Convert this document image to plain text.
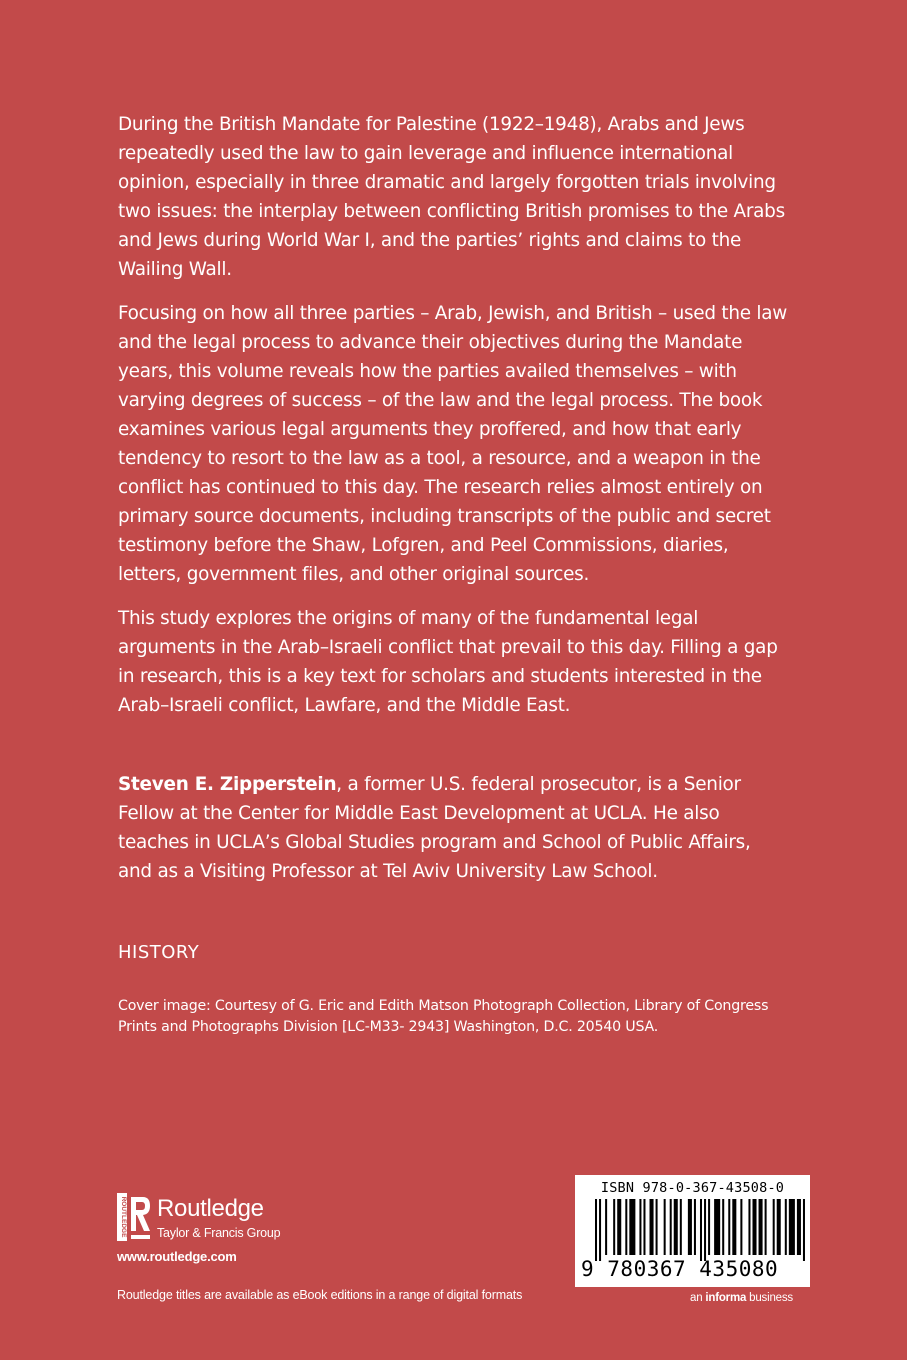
During the British Mandate for Palestine (1922–1948), Arabs and Jews repeatedly used the law to gain leverage and influence international opinion, especially in three dramatic and largely forgotten trials involving two issues: the interplay between conflicting British promises to the Arabs and Jews during World War I, and the parties’ rights and claims to the Wailing Wall.

Focusing on how all three parties – Arab, Jewish, and British – used the law and the legal process to advance their objectives during the Mandate years, this volume reveals how the parties availed themselves – with varying degrees of success – of the law and the legal process. The book examines various legal arguments they proffered, and how that early tendency to resort to the law as a tool, a resource, and a weapon in the conflict has continued to this day. The research relies almost entirely on primary source documents, including transcripts of the public and secret testimony before the Shaw, Lofgren, and Peel Commissions, diaries, letters, government files, and other original sources.

This study explores the origins of many of the fundamental legal arguments in the Arab–Israeli conflict that prevail to this day. Filling a gap in research, this is a key text for scholars and students interested in the Arab–Israeli conflict, Lawfare, and the Middle East.

Steven E. Zipperstein, a former U.S. federal prosecutor, is a Senior Fellow at the Center for Middle East Development at UCLA. He also teaches in UCLA’s Global Studies program and School of Public Affairs, and as a Visiting Professor at Tel Aviv University Law School.

HISTORY

Cover image: Courtesy of G. Eric and Edith Matson Photograph Collection, Library of Congress Prints and Photographs Division [LC-M33- 2943] Washington, D.C. 20540 USA.

ROUTLEDGE Routledge
Taylor & Francis Group
www.routledge.com
Routledge titles are available as eBook editions in a range of digital formats
ISBN 978-0-367-43508-0
9 780367 435080
an informa business
